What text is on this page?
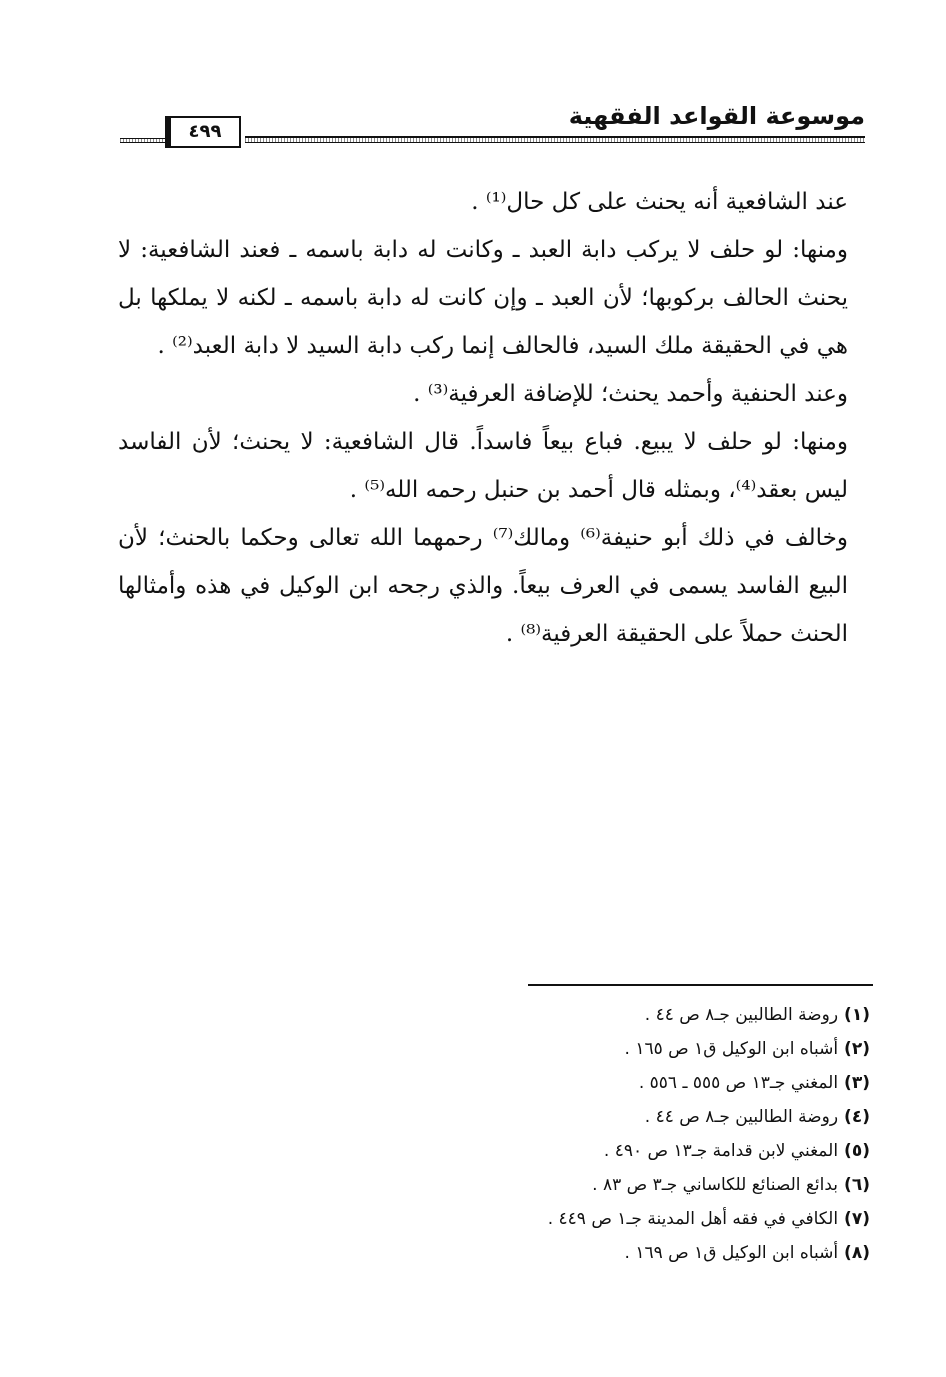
موسوعة القواعد الفقهية
٤٩٩

عند الشافعية أنه يحنث على كل حال⁽¹⁾ .

ومنها: لو حلف لا يركب دابة العبد ـ وكانت له دابة باسمه ـ فعند الشافعية: لا يحنث الحالف بركوبها؛ لأن العبد ـ وإن كانت له دابة باسمه ـ لكنه لا يملكها بل هي في الحقيقة ملك السيد، فالحالف إنما ركب دابة السيد لا دابة العبد⁽²⁾ .

وعند الحنفية وأحمد يحنث؛ للإضافة العرفية⁽³⁾ .

ومنها: لو حلف لا يبيع. فباع بيعاً فاسداً. قال الشافعية: لا يحنث؛ لأن الفاسد ليس بعقد⁽⁴⁾، وبمثله قال أحمد بن حنبل رحمه الله⁽⁵⁾ .

وخالف في ذلك أبو حنيفة⁽⁶⁾ ومالك⁽⁷⁾ رحمهما الله تعالى وحكما بالحنث؛ لأن البيع الفاسد يسمى في العرف بيعاً. والذي رجحه ابن الوكيل في هذه وأمثالها الحنث حملاً على الحقيقة العرفية⁽⁸⁾ .

(١)روضة الطالبين جـ٨ ص ٤٤ .
(٢)أشباه ابن الوكيل ق١ ص ١٦٥ .
(٣)المغني جـ١٣ ص ٥٥٥ ـ ٥٥٦ .
(٤)روضة الطالبين جـ٨ ص ٤٤ .
(٥)المغني لابن قدامة جـ١٣ ص ٤٩٠ .
(٦)بدائع الصنائع للكاساني جـ٣ ص ٨٣ .
(٧)الكافي في فقه أهل المدينة جـ١ ص ٤٤٩ .
(٨)أشباه ابن الوكيل ق١ ص ١٦٩ .
